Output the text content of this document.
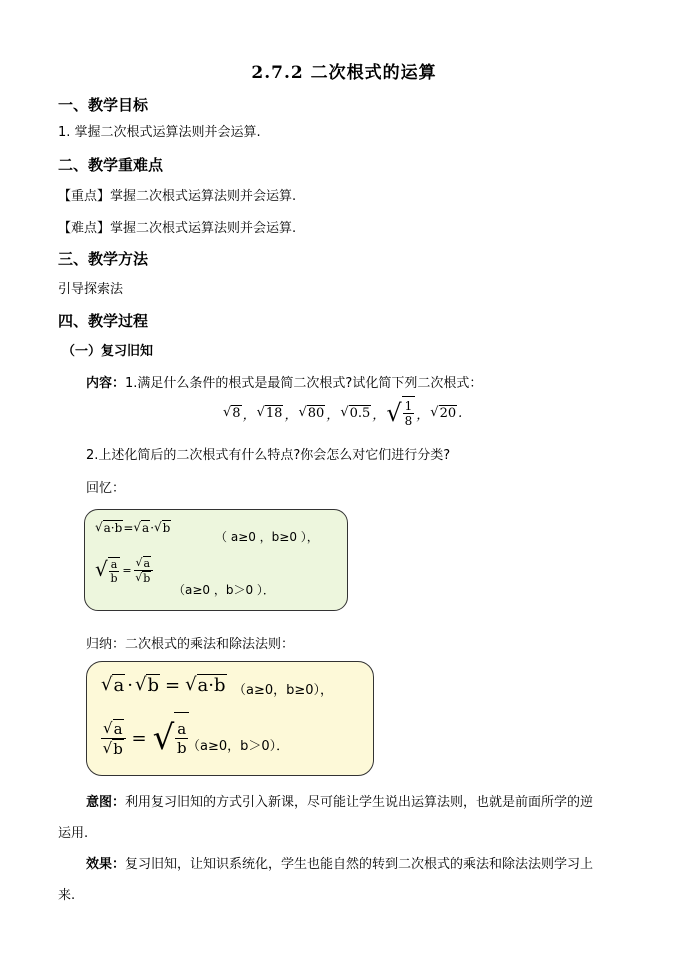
2.7.2 二次根式的运算
一、教学目标
1. 掌握二次根式运算法则并会运算.
二、教学重难点
【重点】掌握二次根式运算法则并会运算.
【难点】掌握二次根式运算法则并会运算.
三、教学方法
引导探索法
四、教学过程
（一）复习旧知
内容：1.满足什么条件的根式是最简二次根式?试化简下列二次根式：
√ 8 ， √ 18 ， √ 80 ， √ 0.5 ， √ $\frac{1}{8}$ ， √ 20 .
2.上述化简后的二次根式有什么特点?你会怎么对它们进行分类?
回忆：
√ a·b = √ a · √ b
（ a≥0 ，b≥0 ），
√ $\frac{a}{b} = \frac{√ a}{√ b}$
（a≥0 ，b＞0 ）．
归纳：二次根式的乘法和除法法则：
√ a · √ b = √ a·b （a≥0，b≥0），
$\frac{√ a}{√ b}$ = √ $\frac{a}{b}$
（a≥0，b＞0）．
意图：利用复习旧知的方式引入新课，尽可能让学生说出运算法则，也就是前面所学的逆
运用.
效果：复习旧知，让知识系统化，学生也能自然的转到二次根式的乘法和除法法则学习上
来.
